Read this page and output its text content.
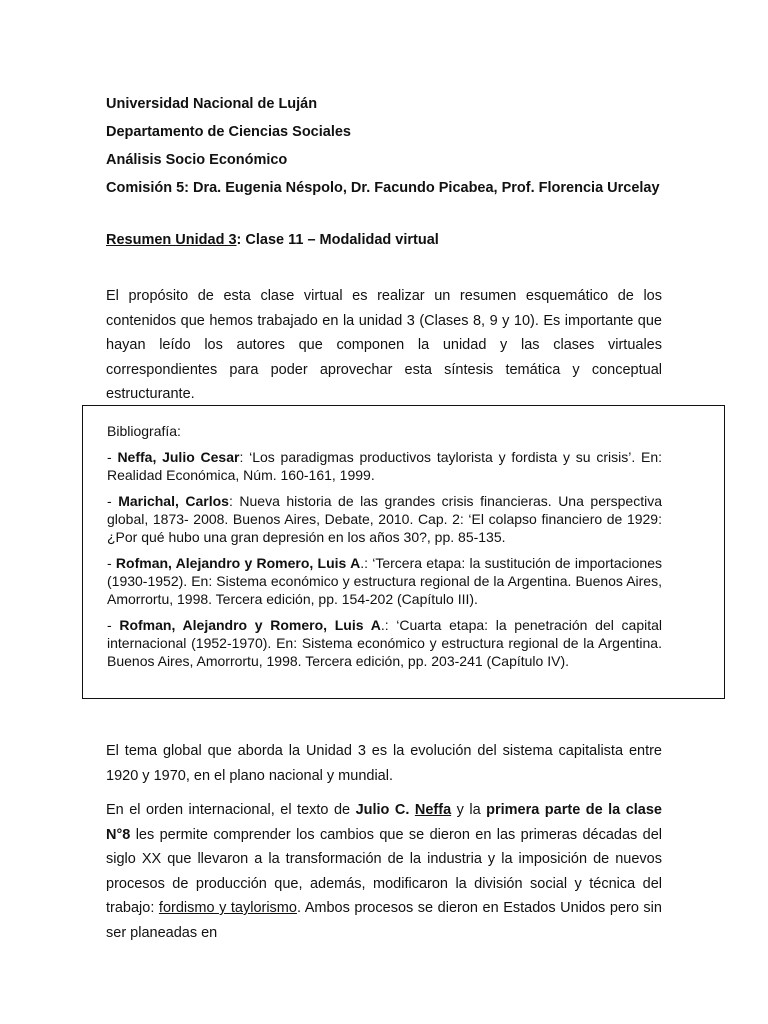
Universidad Nacional de Luján
Departamento de Ciencias Sociales
Análisis Socio Económico
Comisión 5: Dra. Eugenia Néspolo, Dr. Facundo Picabea, Prof. Florencia Urcelay
Resumen Unidad 3: Clase 11 – Modalidad virtual
El propósito de esta clase virtual es realizar un resumen esquemático de los contenidos que hemos trabajado en la unidad 3 (Clases 8, 9 y 10). Es importante que hayan leído los autores que componen la unidad y las clases virtuales correspondientes para poder aprovechar esta síntesis temática y conceptual estructurante.
Bibliografía:
- Neffa, Julio Cesar: ‘Los paradigmas productivos taylorista y fordista y su crisis’. En: Realidad Económica, Núm. 160-161, 1999.
- Marichal, Carlos: Nueva historia de las grandes crisis financieras. Una perspectiva global, 1873- 2008. Buenos Aires, Debate, 2010. Cap. 2: ‘El colapso financiero de 1929: ¿Por qué hubo una gran depresión en los años 30?, pp. 85-135.
- Rofman, Alejandro y Romero, Luis A.: ‘Tercera etapa: la sustitución de importaciones (1930-1952). En: Sistema económico y estructura regional de la Argentina. Buenos Aires, Amorrortu, 1998. Tercera edición, pp. 154-202 (Capítulo III).
- Rofman, Alejandro y Romero, Luis A.: ‘Cuarta etapa: la penetración del capital internacional (1952-1970). En: Sistema económico y estructura regional de la Argentina. Buenos Aires, Amorrortu, 1998. Tercera edición, pp. 203-241 (Capítulo IV).

El tema global que aborda la Unidad 3 es la evolución del sistema capitalista entre 1920 y 1970, en el plano nacional y mundial.

En el orden internacional, el texto de Julio C. Neffa y la primera parte de la clase N°8 les permite comprender los cambios que se dieron en las primeras décadas del siglo XX que llevaron a la transformación de la industria y la imposición de nuevos procesos de producción que, además, modificaron la división social y técnica del trabajo: fordismo y taylorismo. Ambos procesos se dieron en Estados Unidos pero sin ser planeadas en
